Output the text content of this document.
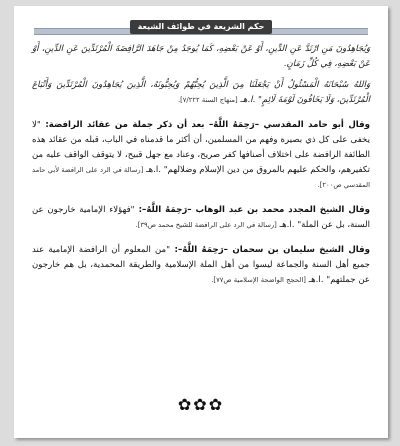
حكم الشريعة في طوائف الشيعة

وَيُجَاهِدُونَ مَنِ ارْتَدَّ عَنِ الدِّينِ، أَوْ عَنْ بَعْضِهِ، كَمَا يُوجَدُ مِنْ جَاهَدَ الرَّافِضَةَ الْمُرْتَدِّينَ عَنِ الدِّينِ، أَوْ عَنْ بَعْضِهِ، فِي كُلِّ زَمَانٍ.

وَاللهُ سُبْحَانَهُ الْمَسْئُولُ أَنْ يَجْعَلَنَا مِنَ الَّذِينَ يُحِبُّهُمْ وَيُحِبُّونَهُ، الَّذِينَ يُجَاهِدُونَ الْمُرْتَدِّينَ وَأَتْبَاعَ الْمُرْتَدِّينَ، وَلَا يَخَافُونَ لَوْمَةَ لَائِمٍ" .ا.هـ [منهاج السنة ٧/٢٢٢].

وقال أبو حامد المقدسي –رَحِمَهُ اللَّهُ– بعد أن ذكر جملة من عقائد الرافضة: "لا يخفى على كل ذي بصيرة وفهم من المسلمين، أن أكثر ما قدمناه في الباب، قبله من عقائد هذه الطائفة الرافضة على اختلاف أصنافها كفر صريح، وعناد مع جهل قبيح، لا يتوقف الواقف عليه من تكفيرهم، والحكم عليهم بالمروق من دين الإسلام وضلالهم" .ا.هـ [رسالة في الرد على الرافضة لأبي حامد المقدسي ص٢٠٠].

وقال الشيخ المجدد محمد بن عبد الوهاب –رَحِمَهُ اللَّهُ–: "فهؤلاء الإمامية خارجون عن السنة، بل عن الملة" .ا.هـ [رسالة في الرد على الرافضة للشيخ محمد ص٣٩].

وقال الشيخ سليمان بن سحمان –رَحِمَهُ اللَّهُ–: "من المعلوم أن الرافضة الإمامية عند جميع أهل السنة والجماعة ليسوا من أهل الملة الإسلامية والطريقة المحمدية، بل هم خارجون عن جملتهم" .ا.هـ [الحجج الواضحة الإسلامية ص٧٧].

✿✿✿
